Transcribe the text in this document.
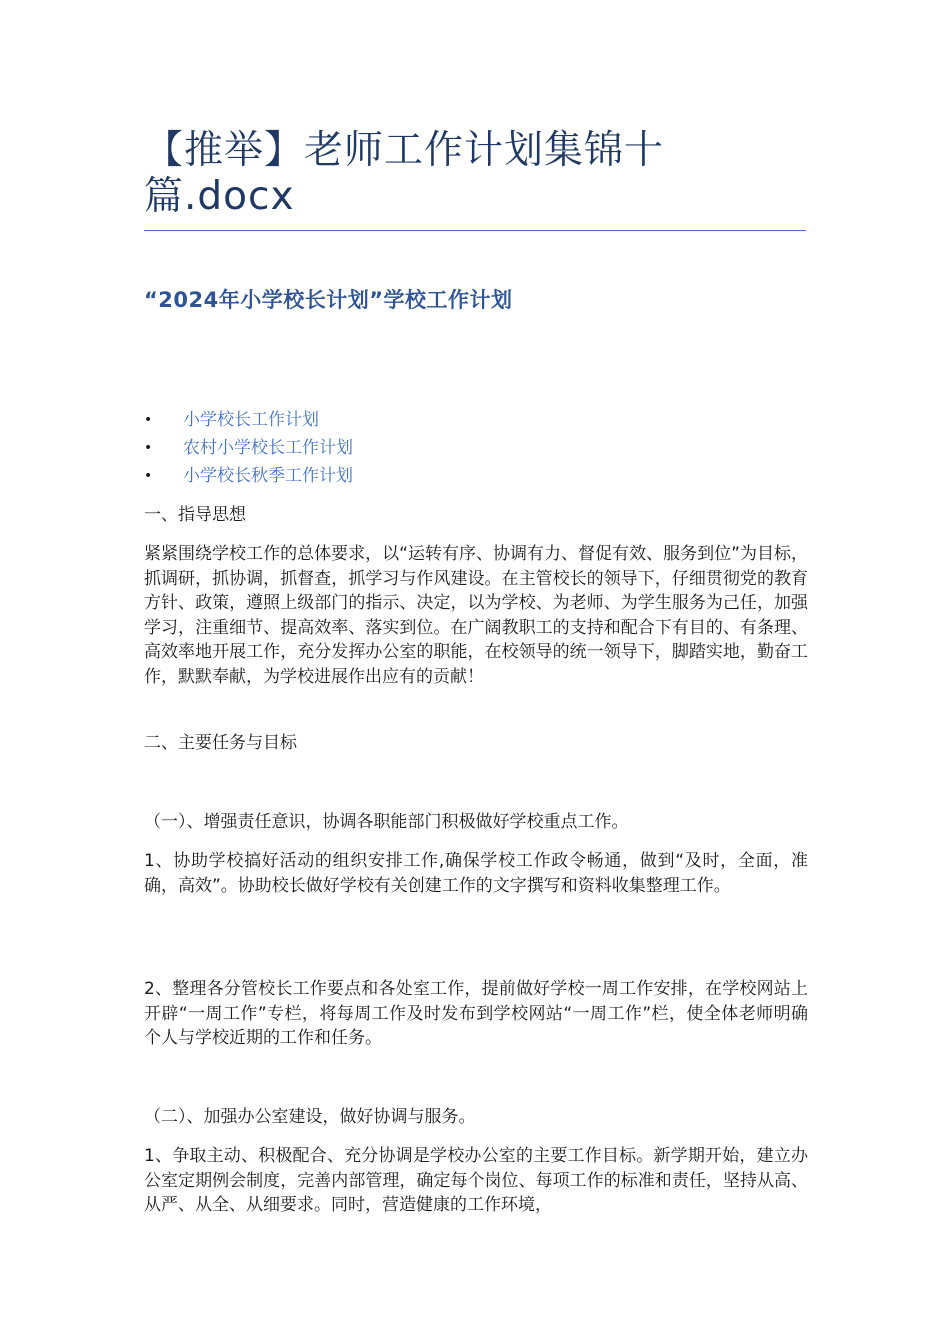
【推举】老师工作计划集锦十
篇.docx
“2024年小学校长计划”学校工作计划
• 小学校长工作计划
• 农村小学校长工作计划
• 小学校长秋季工作计划

一、指导思想

紧紧围绕学校工作的总体要求，以“运转有序、协调有力、督促有效、服务到位”为目标，抓调研，抓协调，抓督查，抓学习与作风建设。在主管校长的领导下，仔细贯彻党的教育方针、政策，遵照上级部门的指示、决定，以为学校、为老师、为学生服务为己任，加强学习，注重细节、提高效率、落实到位。在广阔教职工的支持和配合下有目的、有条理、高效率地开展工作，充分发挥办公室的职能，在校领导的统一领导下，脚踏实地，勤奋工作，默默奉献，为学校进展作出应有的贡献！

二、主要任务与目标

（一）、增强责任意识，协调各职能部门积极做好学校重点工作。

1、协助学校搞好活动的组织安排工作,确保学校工作政令畅通，做到“及时，全面，准确，高效”。协助校长做好学校有关创建工作的文字撰写和资料收集整理工作。

2、整理各分管校长工作要点和各处室工作，提前做好学校一周工作安排，在学校网站上开辟“一周工作”专栏，将每周工作及时发布到学校网站“一周工作”栏，使全体老师明确个人与学校近期的工作和任务。

（二）、加强办公室建设，做好协调与服务。

1、争取主动、积极配合、充分协调是学校办公室的主要工作目标。新学期开始，建立办公室定期例会制度，完善内部管理，确定每个岗位、每项工作的标准和责任，坚持从高、从严、从全、从细要求。同时，营造健康的工作环境，
